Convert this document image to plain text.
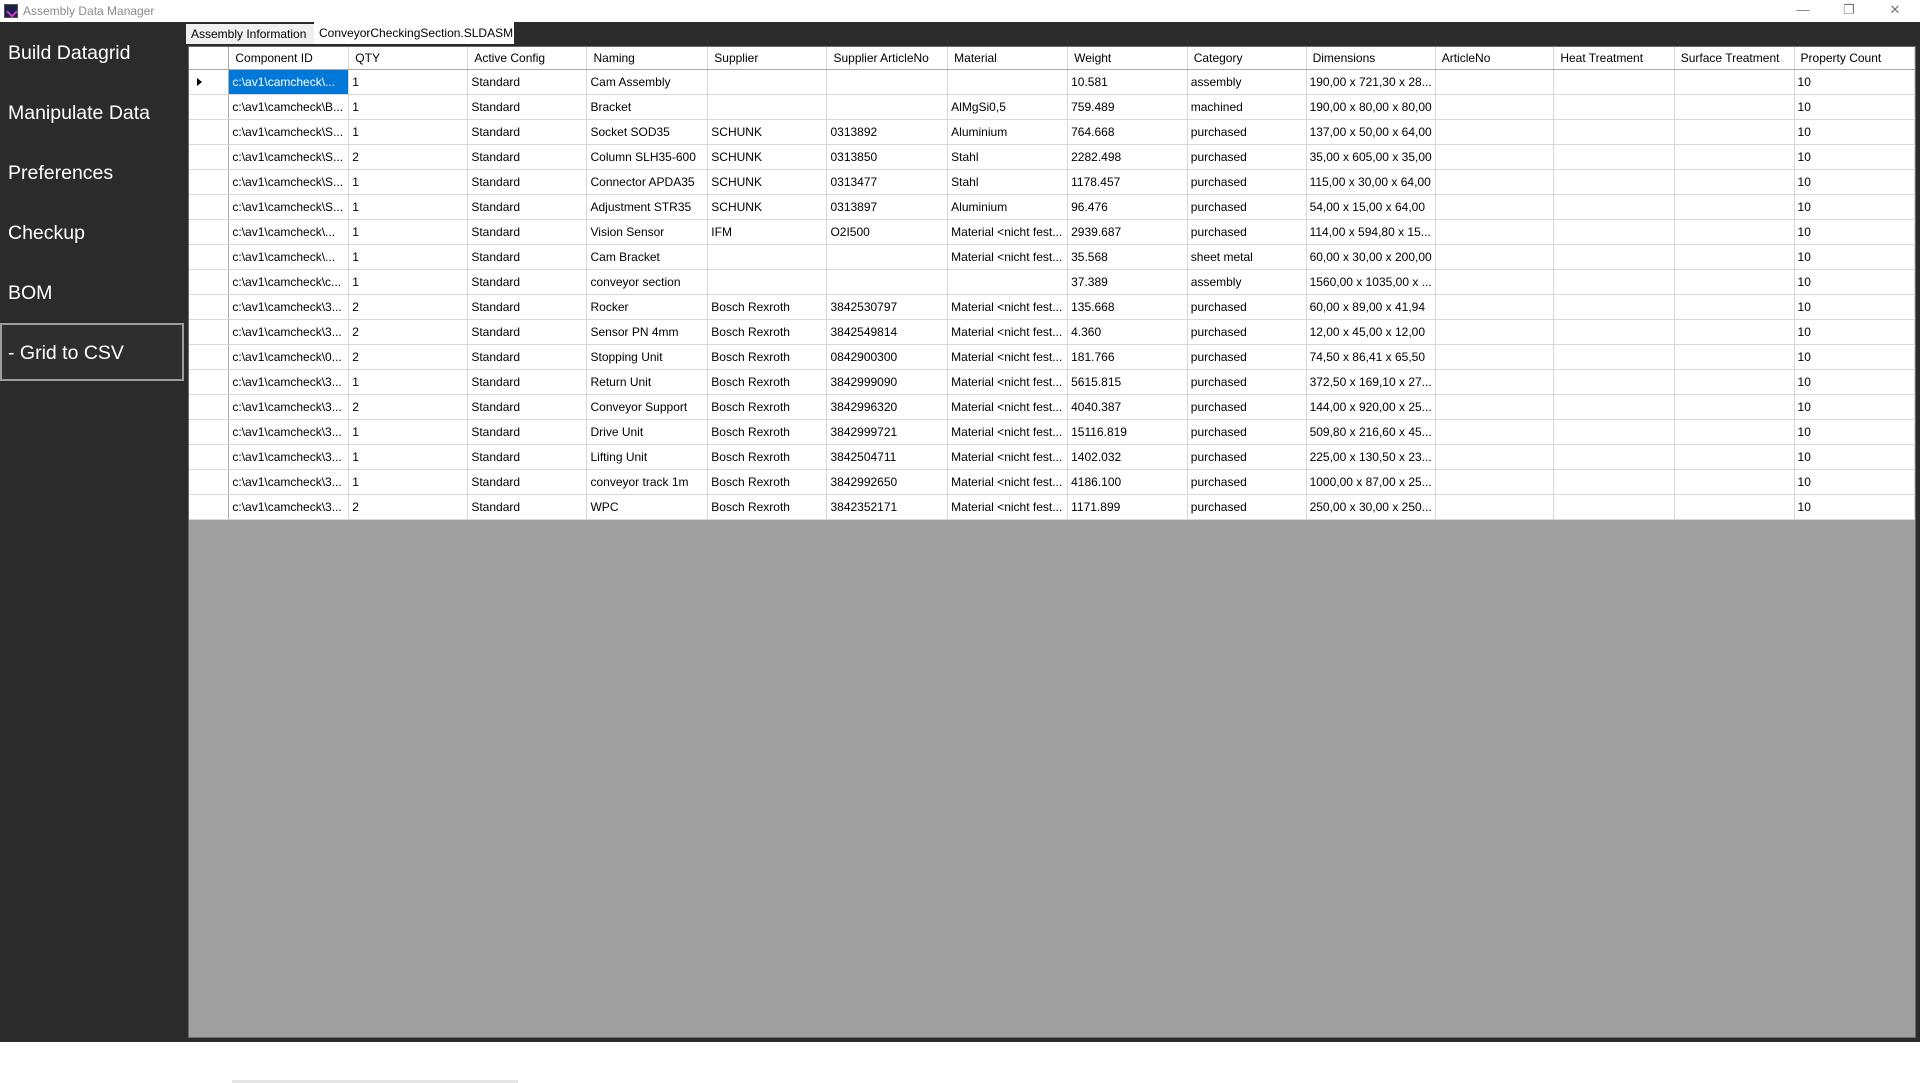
Assembly Data Manager	—	❐	✕
Build Datagrid
Manipulate Data
Preferences
Checkup
BOM
- Grid to CSV
Assembly Information	ConveyorCheckingSection.SLDASM
	Component ID	QTY	Active Config	Naming	Supplier	Supplier ArticleNo	Material	Weight	Category	Dimensions	ArticleNo	Heat Treatment	Surface Treatment	Property Count

	c:\av1\camcheck\...	1	Standard	Cam Assembly				10.581	assembly	190,00 x 721,30 x 28...				10
	c:\av1\camcheck\B...	1	Standard	Bracket			AlMgSi0,5	759.489	machined	190,00 x 80,00 x 80,00				10
	c:\av1\camcheck\S...	1	Standard	Socket SOD35	SCHUNK	0313892	Aluminium	764.668	purchased	137,00 x 50,00 x 64,00				10
	c:\av1\camcheck\S...	2	Standard	Column SLH35-600	SCHUNK	0313850	Stahl	2282.498	purchased	35,00 x 605,00 x 35,00				10
	c:\av1\camcheck\S...	1	Standard	Connector APDA35	SCHUNK	0313477	Stahl	1178.457	purchased	115,00 x 30,00 x 64,00				10
	c:\av1\camcheck\S...	1	Standard	Adjustment STR35	SCHUNK	0313897	Aluminium	96.476	purchased	54,00 x 15,00 x 64,00				10
	c:\av1\camcheck\...	1	Standard	Vision Sensor	IFM	O2I500	Material <nicht fest...	2939.687	purchased	114,00 x 594,80 x 15...				10
	c:\av1\camcheck\...	1	Standard	Cam Bracket			Material <nicht fest...	35.568	sheet metal	60,00 x 30,00 x 200,00				10
	c:\av1\camcheck\c...	1	Standard	conveyor section				37.389	assembly	1560,00 x 1035,00 x ...				10
	c:\av1\camcheck\3...	2	Standard	Rocker	Bosch Rexroth	3842530797	Material <nicht fest...	135.668	purchased	60,00 x 89,00 x 41,94				10
	c:\av1\camcheck\3...	2	Standard	Sensor PN 4mm	Bosch Rexroth	3842549814	Material <nicht fest...	4.360	purchased	12,00 x 45,00 x 12,00				10
	c:\av1\camcheck\0...	2	Standard	Stopping Unit	Bosch Rexroth	0842900300	Material <nicht fest...	181.766	purchased	74,50 x 86,41 x 65,50				10
	c:\av1\camcheck\3...	1	Standard	Return Unit	Bosch Rexroth	3842999090	Material <nicht fest...	5615.815	purchased	372,50 x 169,10 x 27...				10
	c:\av1\camcheck\3...	2	Standard	Conveyor Support	Bosch Rexroth	3842996320	Material <nicht fest...	4040.387	purchased	144,00 x 920,00 x 25...				10
	c:\av1\camcheck\3...	1	Standard	Drive Unit	Bosch Rexroth	3842999721	Material <nicht fest...	15116.819	purchased	509,80 x 216,60 x 45...				10
	c:\av1\camcheck\3...	1	Standard	Lifting Unit	Bosch Rexroth	3842504711	Material <nicht fest...	1402.032	purchased	225,00 x 130,50 x 23...				10
	c:\av1\camcheck\3...	1	Standard	conveyor track 1m	Bosch Rexroth	3842992650	Material <nicht fest...	4186.100	purchased	1000,00 x 87,00 x 25...				10
	c:\av1\camcheck\3...	2	Standard	WPC	Bosch Rexroth	3842352171	Material <nicht fest...	1171.899	purchased	250,00 x 30,00 x 250...				10
